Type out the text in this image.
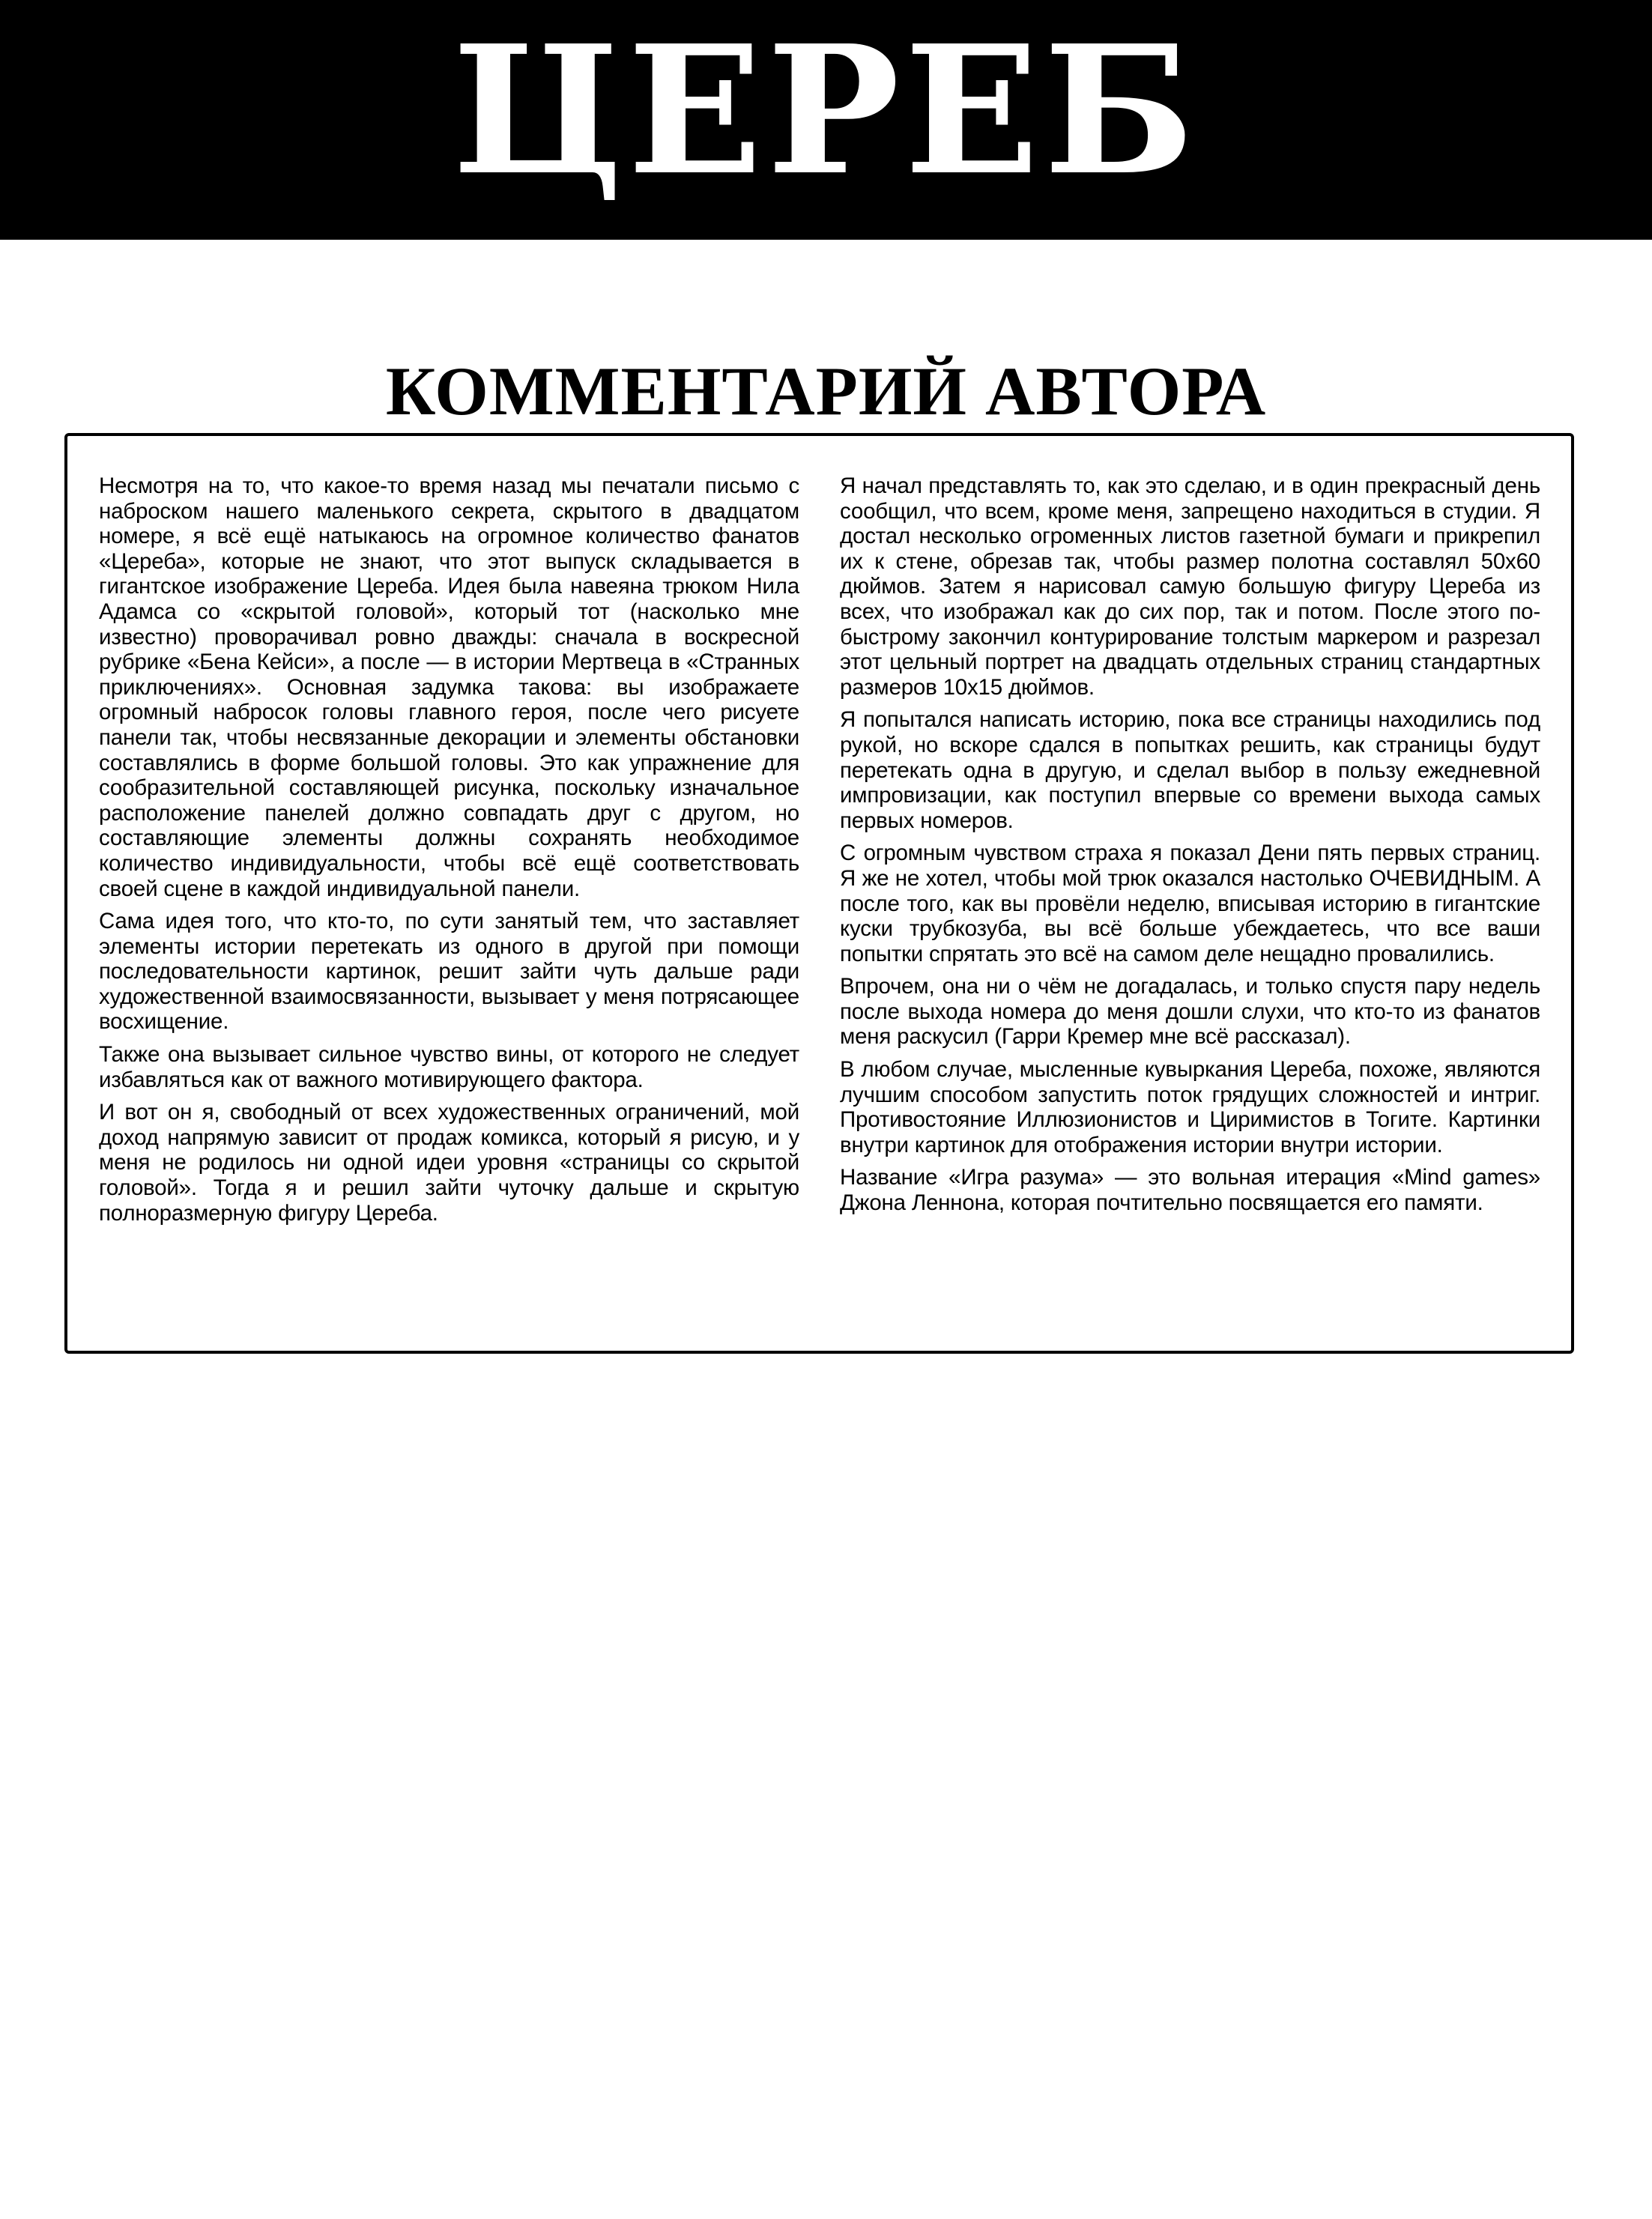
ЦЕРЕБ
КОММЕНТАРИЙ АВТОРА

Несмотря на то, что какое-то время назад мы печатали письмо с наброском нашего маленького секрета, скрытого в двадцатом номере, я всё ещё натыкаюсь на огромное количество фанатов «Цереба», которые не знают, что этот выпуск складывается в гигантское изображение Цереба. Идея была навеяна трюком Нила Адамса со «скрытой головой», который тот (насколько мне известно) проворачивал ровно дважды: сначала в воскресной рубрике «Бена Кейси», а после — в истории Мертвеца в «Странных приключениях». Основная задумка такова: вы изображаете огромный набросок головы главного героя, после чего рисуете панели так, чтобы несвязанные декорации и элементы обстановки составлялись в форме большой головы. Это как упражнение для сообразительной составляющей рисунка, поскольку изначальное расположение панелей должно совпадать друг с другом, но составляющие элементы должны сохранять необходимое количество индивидуальности, чтобы всё ещё соответствовать своей сцене в каждой индивидуальной панели.

Сама идея того, что кто-то, по сути занятый тем, что заставляет элементы истории перетекать из одного в другой при помощи последовательности картинок, решит зайти чуть дальше ради художественной взаимосвязанности, вызывает у меня потрясающее восхищение.

Также она вызывает сильное чувство вины, от которого не следует избавляться как от важного мотивирующего фактора.

И вот он я, свободный от всех художественных ограничений, мой доход напрямую зависит от продаж комикса, который я рисую, и у меня не родилось ни одной идеи уровня «страницы со скрытой головой». Тогда я и решил зайти чуточку дальше и скрытую полноразмерную фигуру Цереба.

Я начал представлять то, как это сделаю, и в один прекрасный день сообщил, что всем, кроме меня, запрещено находиться в студии. Я достал несколько огроменных листов газетной бумаги и прикрепил их к стене, обрезав так, чтобы размер полотна составлял 50x60 дюймов. Затем я нарисовал самую большую фигуру Цереба из всех, что изображал как до сих пор, так и потом. После этого по-быстрому закончил контурирование толстым маркером и разрезал этот цельный портрет на двадцать отдельных страниц стандартных размеров 10x15 дюймов.

Я попытался написать историю, пока все страницы находились под рукой, но вскоре сдался в попытках решить, как страницы будут перетекать одна в другую, и сделал выбор в пользу ежедневной импровизации, как поступил впервые со времени выхода самых первых номеров.

С огромным чувством страха я показал Дени пять первых страниц. Я же не хотел, чтобы мой трюк оказался настолько ОЧЕВИДНЫМ. А после того, как вы провёли неделю, вписывая историю в гигантские куски трубкозуба, вы всё больше убеждаетесь, что все ваши попытки спрятать это всё на самом деле нещадно провалились.

Впрочем, она ни о чём не догадалась, и только спустя пару недель после выхода номера до меня дошли слухи, что кто-то из фанатов меня раскусил (Гарри Кремер мне всё рассказал).

В любом случае, мысленные кувыркания Цереба, похоже, являются лучшим способом запустить поток грядущих сложностей и интриг. Противостояние Иллюзионистов и Циримистов в Тогите. Картинки внутри картинок для отображения истории внутри истории.

Название «Игра разума» — это вольная итерация «Mind games» Джона Леннона, которая почтительно посвящается его памяти.
